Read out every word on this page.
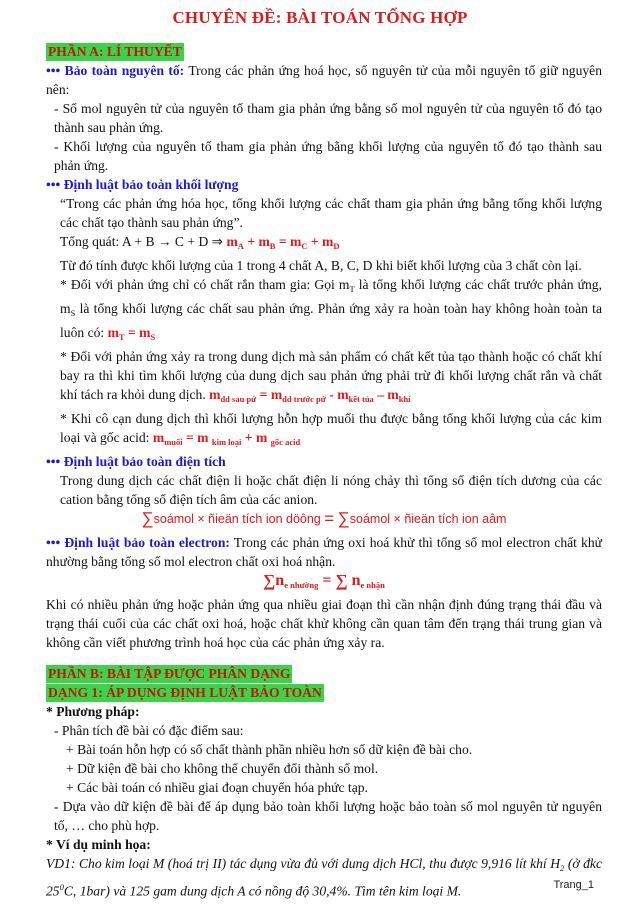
CHUYÊN ĐỀ: BÀI TOÁN TỔNG HỢP

PHẦN A: LÍ THUYẾT

••• Bảo toàn nguyên tố: Trong các phản ứng hoá học, số nguyên tử của mỗi nguyên tố giữ nguyên nên:

- Số mol nguyên tử của nguyên tố tham gia phản ứng bằng số mol nguyên tử của nguyên tố đó tạo thành sau phản ứng.

- Khối lượng của nguyên tố tham gia phản ứng bằng khối lượng của nguyên tố đó tạo thành sau phản ứng.

••• Định luật bảo toàn khối lượng

“Trong các phản ứng hóa học, tổng khối lượng các chất tham gia phản ứng bằng tổng khối lượng các chất tạo thành sau phản ứng”.

Tổng quát: A + B → C + D ⇒ $m_A + m_B = m_C + m_D$

Từ đó tính được khối lượng của 1 trong 4 chất A, B, C, D khi biết khối lượng của 3 chất còn lại.

* Đối với phản ứng chỉ có chất rắn tham gia: Gọi $m_T$ là tổng khối lượng các chất trước phản ứng, $m_S$ là tổng khối lượng các chất sau phản ứng. Phản ứng xảy ra hoàn toàn hay không hoàn toàn ta luôn có: $m_T = m_S$

* Đối với phản ứng xảy ra trong dung dịch mà sản phẩm có chất kết tủa tạo thành hoặc có chất khí bay ra thì khi tìm khối lượng của dung dịch sau phản ứng phải trừ đi khối lượng chất rắn và chất khí tách ra khỏi dung dịch. $m_{dd sau pứ} = m_{dd trước pứ} - m_{kết tủa} - m_{khí}$

* Khi cô cạn dung dịch thì khối lượng hỗn hợp muối thu được bằng tổng khối lượng của các kim loại và gốc acid: $m_{muối} = m$ $_{kim loại}$ + m $_{gốc acid}$

••• Định luật bảo toàn điện tích

Trong dung dịch các chất điện li hoặc chất điện li nóng chảy thì tổng số điện tích dương của các cation bằng tổng số điện tích âm của các anion.

∑soámol × ñieän tích ion döông = ∑soámol × ñieän tích ion aâm

••• Định luật bảo toàn electron: Trong các phản ứng oxi hoá khử thì tổng số mol electron chất khử nhường bằng tổng số mol electron chất oxi hoá nhận.

$\sum n_{e nhường}$ = ∑ $n_{e nhận}$

Khi có nhiều phản ứng hoặc phản ứng qua nhiều giai đoạn thì cần nhận định đúng trạng thái đầu và trạng thái cuối của các chất oxi hoá, hoặc chất khử không cần quan tâm đến trạng thái trung gian và không cần viết phương trình hoá học của các phản ứng xảy ra.

PHẦN B: BÀI TẬP ĐƯỢC PHÂN DẠNG

DẠNG 1: ÁP DỤNG ĐỊNH LUẬT BẢO TOÀN

* Phương pháp:

- Phân tích đề bài có đặc điểm sau:

+ Bài toán hỗn hợp có số chất thành phần nhiều hơn số dữ kiện đề bài cho.

+ Dữ kiện đề bài cho không thể chuyển đổi thành số mol.

+ Các bài toán có nhiều giai đoạn chuyển hóa phức tạp.

- Dựa vào dữ kiện đề bài để áp dụng bảo toàn khối lượng hoặc bảo toàn số mol nguyên tử nguyên tố, … cho phù hợp.

* Ví dụ minh họa:

VD1: Cho kim loại M (hoá trị II) tác dụng vừa đủ với dung dịch HCl, thu được 9,916 lít khí $H_2$ (ở đkc $25^0C$, 1bar) và 125 gam dung dịch A có nồng độ 30,4%. Tìm tên kim loại M.	Trang_1
